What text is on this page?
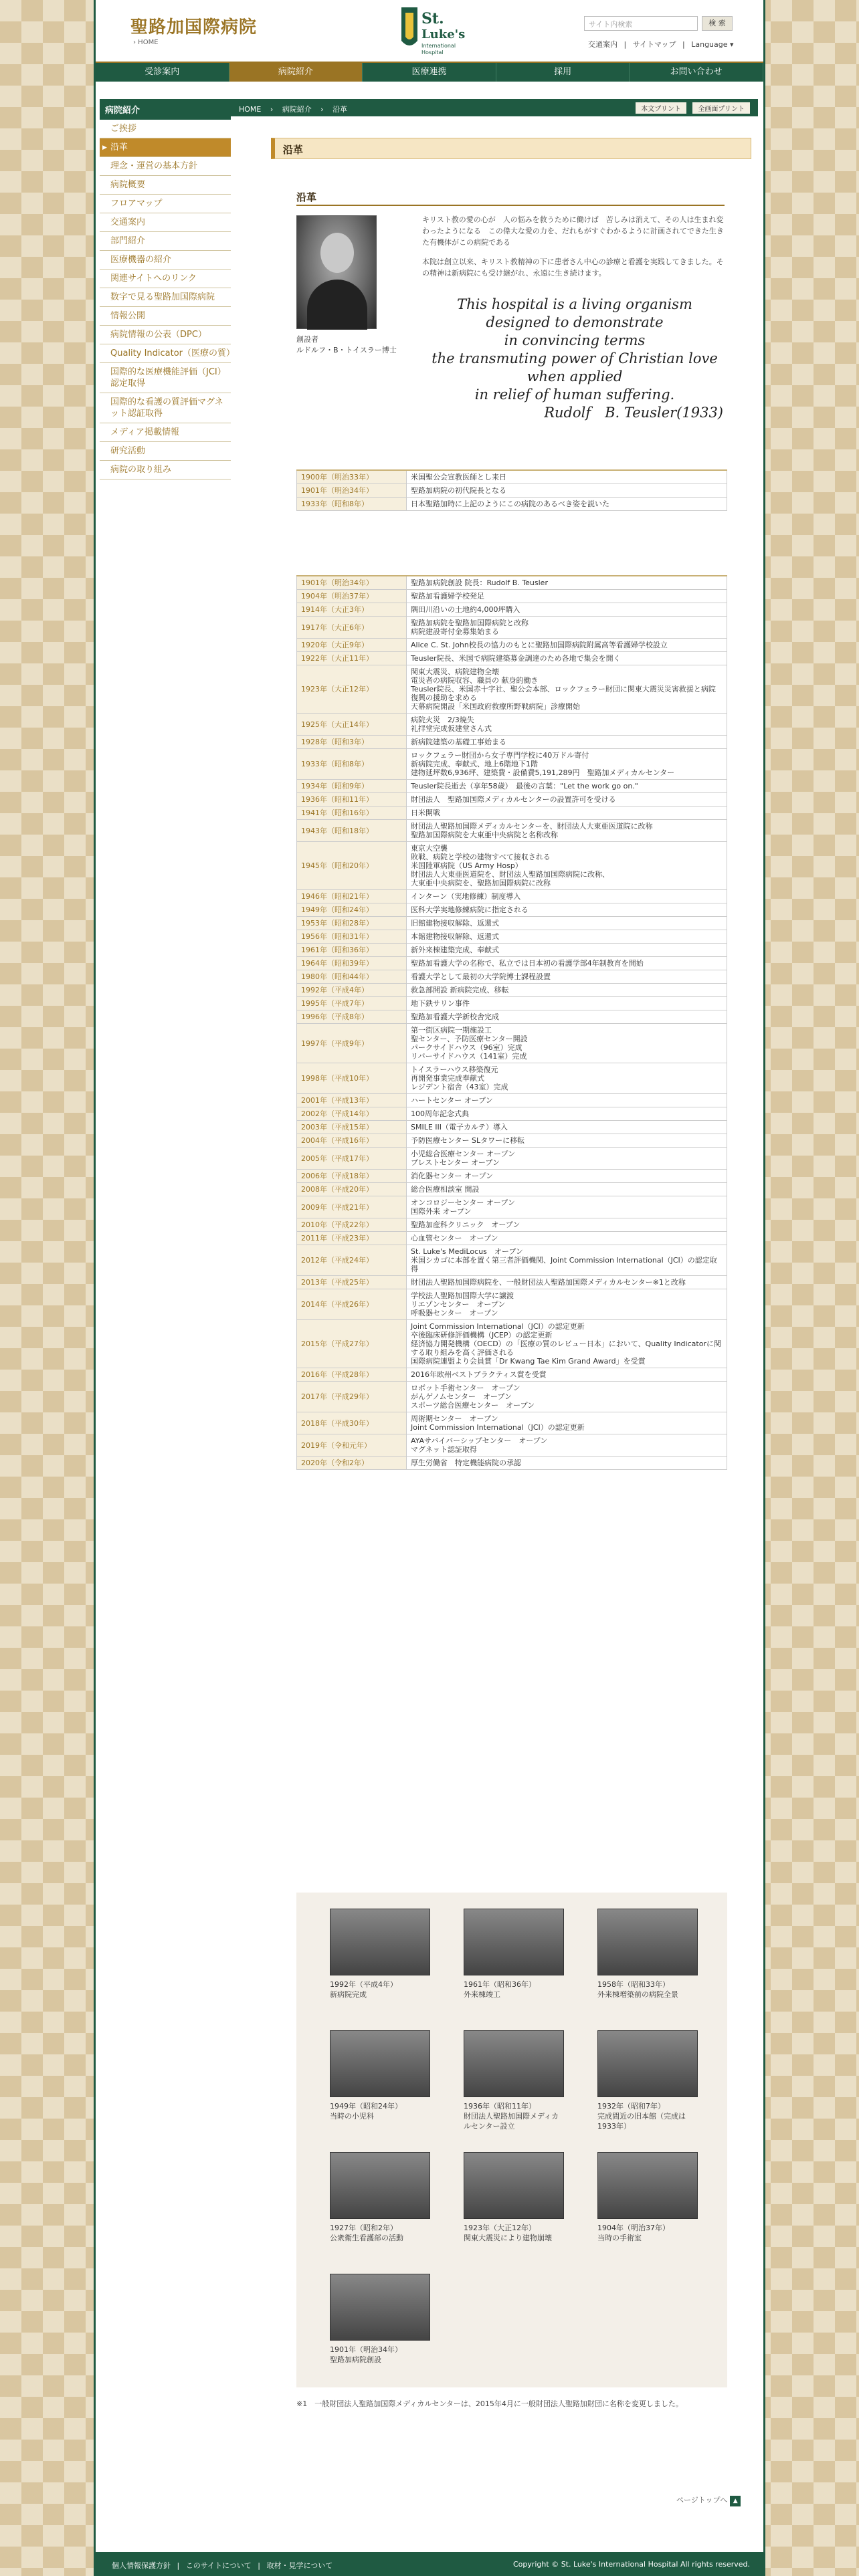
聖路加国際病院
› HOME
St.
Luke's
International
Hospital
サイト内検索	検 索
交通案内 | サイトマップ | Language ▾
受診案内	病院紹介	医療連携	採用	お問い合わせ
病院紹介
ご挨拶
▶ 沿革
理念・運営の基本方針
病院概要
フロアマップ
交通案内
部門紹介
医療機器の紹介
関連サイトへのリンク
数字で見る聖路加国際病院
情報公開
病院情報の公表（DPC）
Quality Indicator（医療の質）
国際的な医療機能評価（JCI）認定取得
国際的な看護の質評価マグネット認証取得
メディア掲載情報
研究活動
病院の取り組み
HOME › 病院紹介 › 沿革	本文プリント	全画面プリント
沿革
沿革
創設者
ルドルフ・B・トイスラー博士

キリスト教の愛の心が　人の悩みを救うために働けば　苦しみは消えて、その人は生まれ変わったようになる　この偉大な愛の力を、だれもがすぐわかるように計画されてできた生きた有機体がこの病院である

本院は創立以来、キリスト教精神の下に患者さん中心の診療と看護を実践してきました。その精神は新病院にも受け継がれ、永遠に生き続けます。

This hospital is a living organism
designed to demonstrate
in convincing terms
the transmuting power of Christian love
when applied
in relief of human suffering.
Rudolf　B. Teusler(1933)
1900年（明治33年）	米国聖公会宣教医師とし来日
1901年（明治34年）	聖路加病院の初代院長となる
1933年（昭和8年）	日本聖路加時に上記のようにこの病院のあるべき姿を説いた
1901年（明治34年）	聖路加病院創設 院長：Rudolf B. Teusler
1904年（明治37年）	聖路加看護婦学校発足
1914年（大正3年）	隅田川沿いの土地約4,000坪購入
1917年（大正6年）	聖路加病院を聖路加国際病院と改称
病院建設寄付金募集始まる
1920年（大正9年）	Alice C. St. John校長の協力のもとに聖路加国際病院附属高等看護婦学校設立
1922年（大正11年）	Teusler院長、米国で病院建築募金調達のため各地で集会を開く
1923年（大正12年）	関東大震災、病院建物全壊
電災者の病院収容、職員の 献身的働き
Teusler院長、米国赤十字社、聖公会本部、ロックフェラー財団に関東大震災災害救援と病院復興の援助を求める
天幕病院開設「米国政府救療所野戦病院」診療開始
1925年（大正14年）	病院火災　2/3焼失
礼拝堂完成仮建堂さん式
1928年（昭和3年）	新病院建築の基礎工事始まる
1933年（昭和8年）	ロックフェラー財団から女子専門学校に40万ドル寄付
新病院完成、奉献式、地上6階地下1階
建物延坪数6,936坪、建築費・設備費5,191,289円　聖路加メディカルセンター
1934年（昭和9年）	Teusler院長逝去（享年58歳）　最後の言葉："Let the work go on."
1936年（昭和11年）	財団法人　聖路加国際メディカルセンターの設置許可を受ける
1941年（昭和16年）	日米開戦
1943年（昭和18年）	財団法人聖路加国際メディカルセンターを、財団法人大東亜医道院に改称
聖路加国際病院を大東亜中央病院と名称改称
1945年（昭和20年）	東京大空襲
敗戦、病院と学校の建物すべて接収される
米国陸軍病院（US Army Hosp）
財団法人大東亜医道院を、財団法人聖路加国際病院に改称、
大東亜中央病院を、聖路加国際病院に改称
1946年（昭和21年）	インターン（実地修練）制度導入
1949年（昭和24年）	医科大学実地修練病院に指定される
1953年（昭和28年）	旧館建物接収解除、返還式
1956年（昭和31年）	本館建物接収解除、返還式
1961年（昭和36年）	新外来棟建築完成、奉献式
1964年（昭和39年）	聖路加看護大学の名称で、私立では日本初の看護学部4年制教育を開始
1980年（昭和44年）	看護大学として最初の大学院博士課程設置
1992年（平成4年）	救急部開設 新病院完成、移転
1995年（平成7年）	地下鉄サリン事件
1996年（平成8年）	聖路加看護大学新校舎完成
1997年（平成9年）	第一街区病院一期施設工
聖センター、予防医療センター開設
パークサイドハウス（96室）完成
リバーサイドハウス（141室）完成
1998年（平成10年）	トイスラーハウス移築復元
再開発事業完成奉献式
レジデント宿舎（43室）完成
2001年（平成13年）	ハートセンター オープン
2002年（平成14年）	100周年記念式典
2003年（平成15年）	SMILE III（電子カルテ）導入
2004年（平成16年）	予防医療センター SLタワーに移転
2005年（平成17年）	小児総合医療センター オープン
ブレストセンター オープン
2006年（平成18年）	消化器センター オープン
2008年（平成20年）	総合医療相談室 開設
2009年（平成21年）	オンコロジーセンター オープン
国際外来 オープン
2010年（平成22年）	聖路加産科クリニック　オープン
2011年（平成23年）	心血管センター　オープン
2012年（平成24年）	St. Luke's MediLocus　オープン
米国シカゴに本部を置く第三者評価機関、Joint Commission International（JCI）の認定取得
2013年（平成25年）	財団法人聖路加国際病院を、一般財団法人聖路加国際メディカルセンター※1と改称
2014年（平成26年）	学校法人聖路加国際大学に譲渡
リエゾンセンター　オープン
呼吸器センター　オープン
2015年（平成27年）	Joint Commission International（JCI）の認定更新
卒後臨床研修評価機構（JCEP）の認定更新
経済協力開発機構（OECD）の「医療の質のレビュー日本」において、Quality Indicatorに関する取り組みを高く評価される
国際病院連盟より会員賞「Dr Kwang Tae Kim Grand Award」を受賞
2016年（平成28年）	2016年欧州ベストプラクティス賞を受賞
2017年（平成29年）	ロボット手術センター　オープン
がんゲノムセンター　オープン
スポーツ総合医療センター　オープン
2018年（平成30年）	周術期センター　オープン
Joint Commission International（JCI）の認定更新
2019年（令和元年）	AYAサバイバーシップセンター　オープン
マグネット認証取得
2020年（令和2年）	厚生労働省　特定機能病院の承認
1992年（平成4年）
新病院完成
1961年（昭和36年）
外来棟竣工
1958年（昭和33年）
外来棟増築前の病院全景
1949年（昭和24年）
当時の小児科
1936年（昭和11年）
財団法人聖路加国際メディカルセンター設立
1932年（昭和7年）
完成間近の旧本館（完成は1933年）
1927年（昭和2年）
公衆衛生看護部の活動
1923年（大正12年）
関東大震災により建物崩壊
1904年（明治37年）
当時の手術室
1901年（明治34年）
聖路加病院創設
※1　一般財団法人聖路加国際メディカルセンターは、2015年4月に一般財団法人聖路加財団に名称を変更しました。
ページトップへ ▲
個人情報保護方針 | このサイトについて | 取材・見学について	Copyright © St. Luke's International Hospital All rights reserved.
